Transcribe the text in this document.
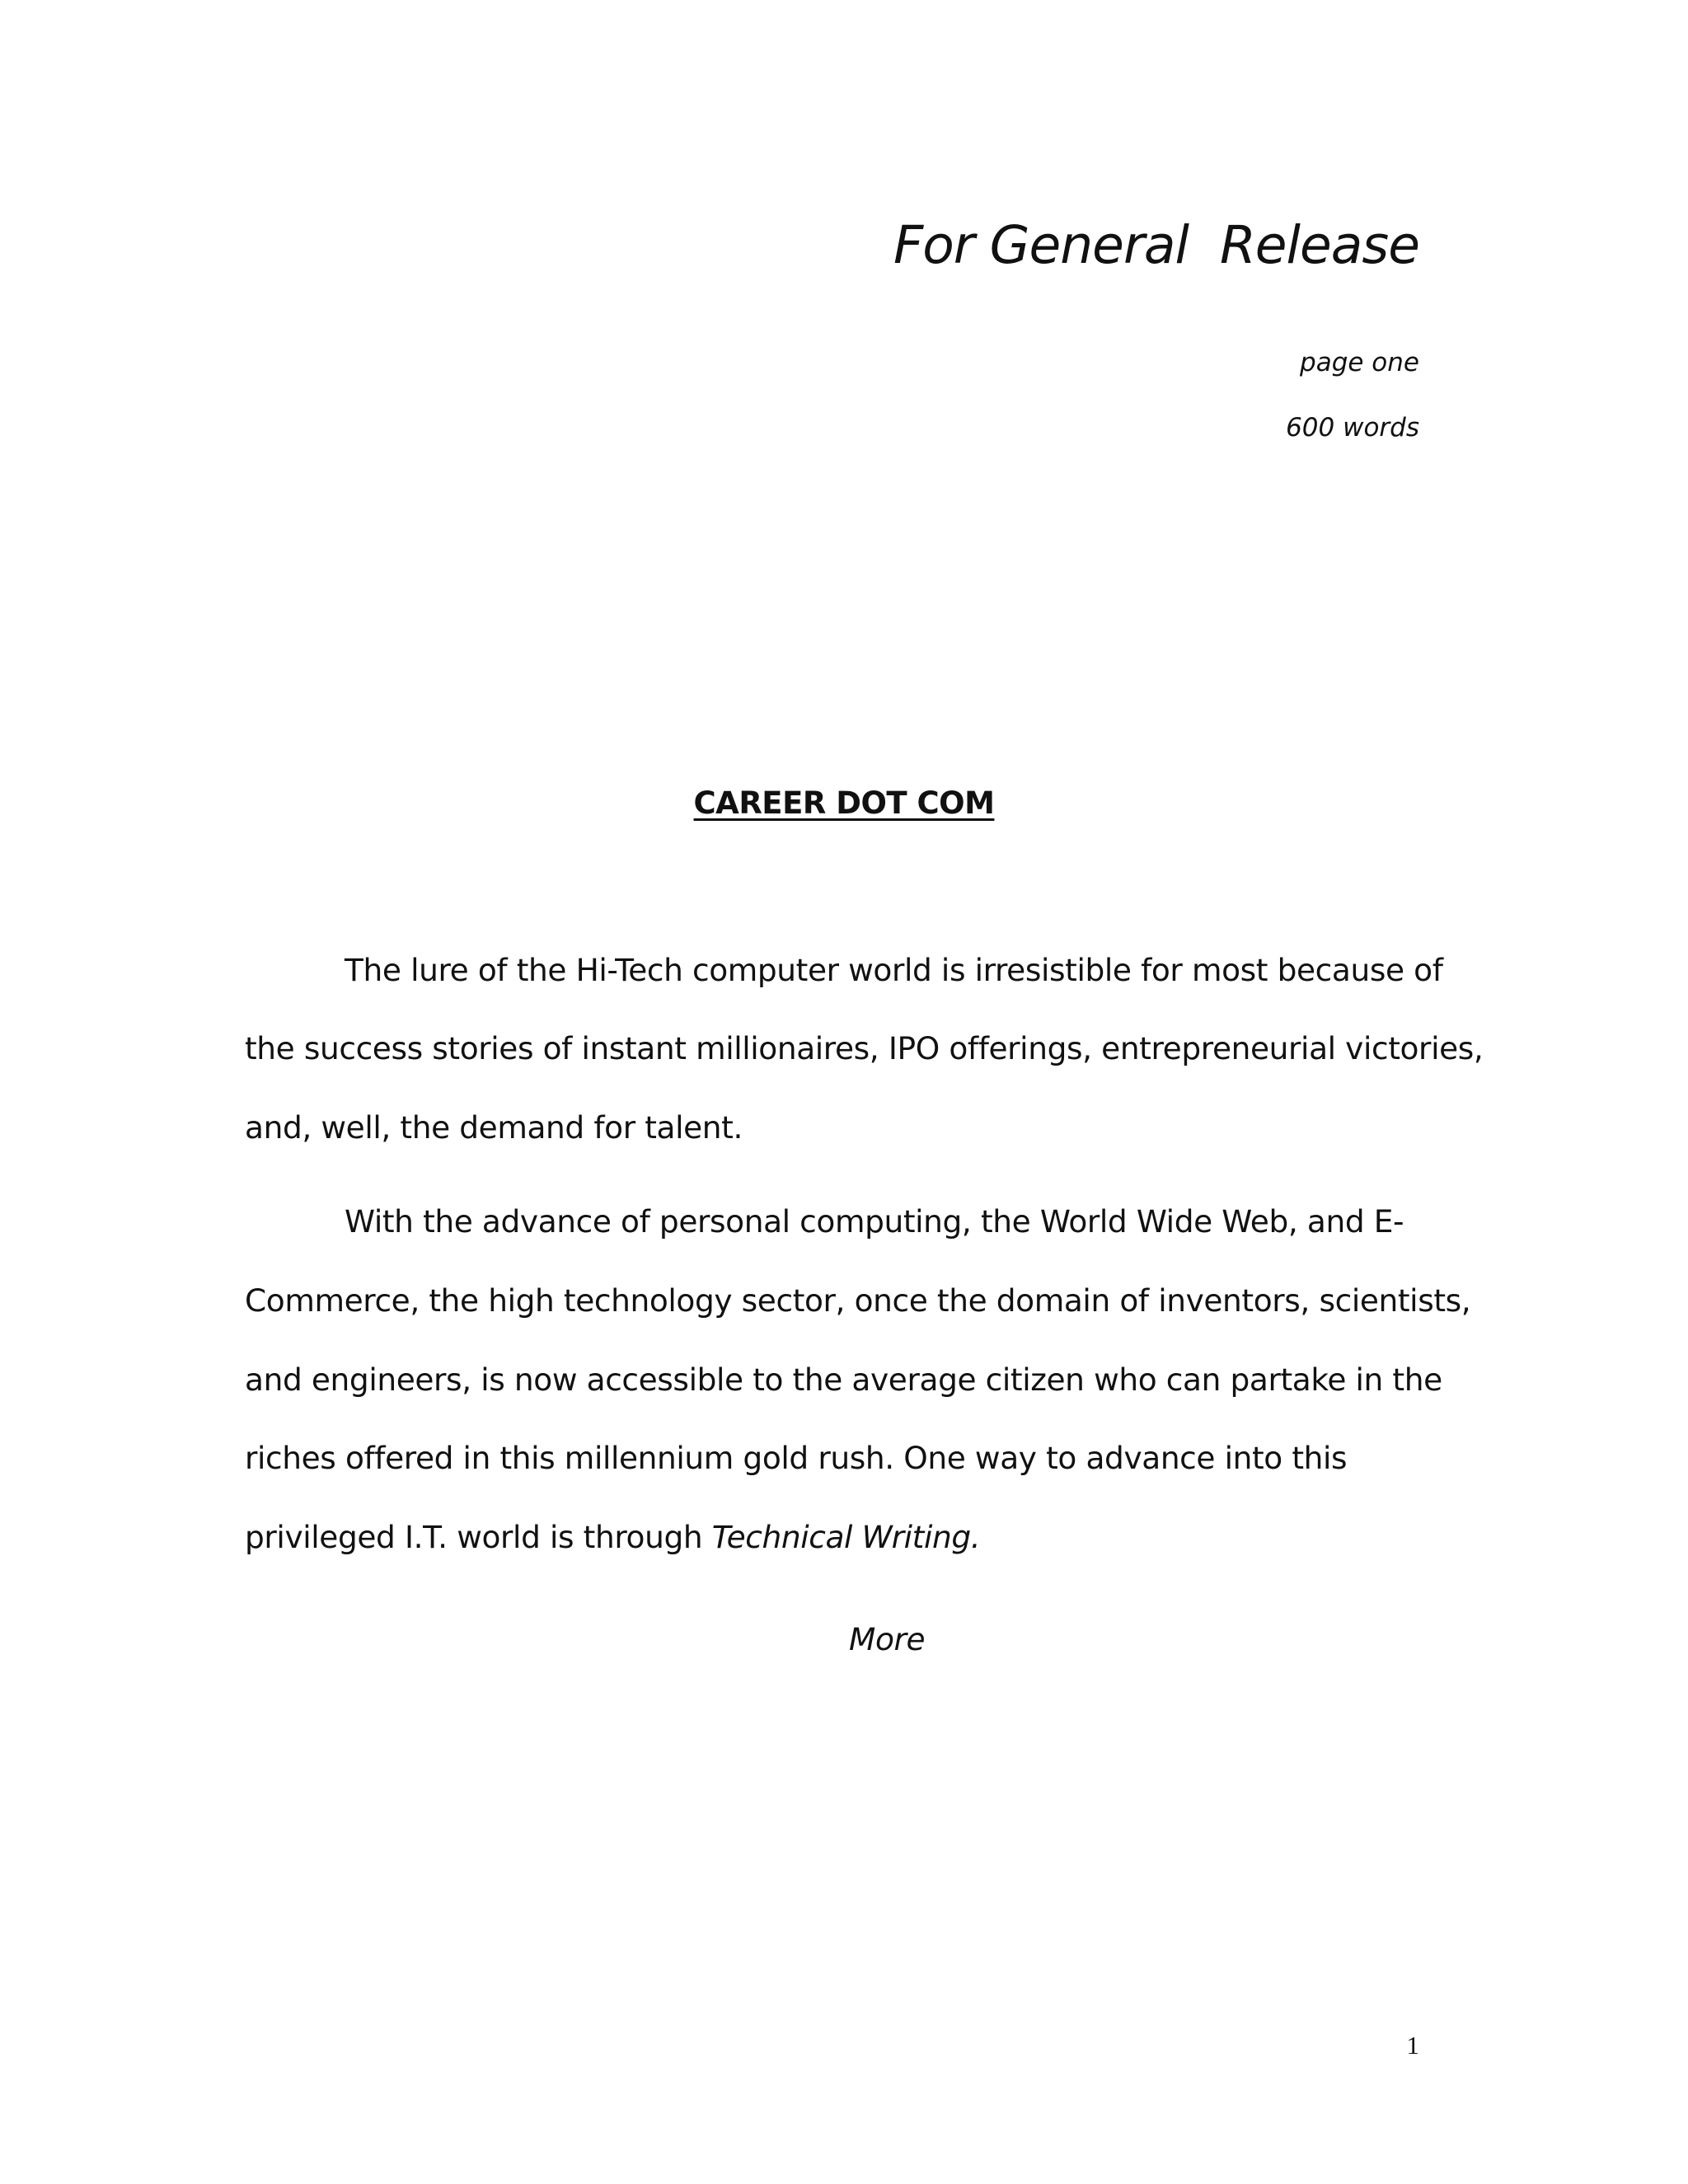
For General  Release
page one
600 words
CAREER DOT COM
The lure of the Hi-Tech computer world is irresistible for most because of
the success stories of instant millionaires, IPO offerings, entrepreneurial victories,
and, well, the demand for talent.
With the advance of personal computing, the World Wide Web, and E-
Commerce, the high technology sector, once the domain of inventors, scientists,
and engineers, is now accessible to the average citizen who can partake in the
riches offered in this millennium gold rush. One way to advance into this
privileged I.T. world is through Technical Writing.
More
1
